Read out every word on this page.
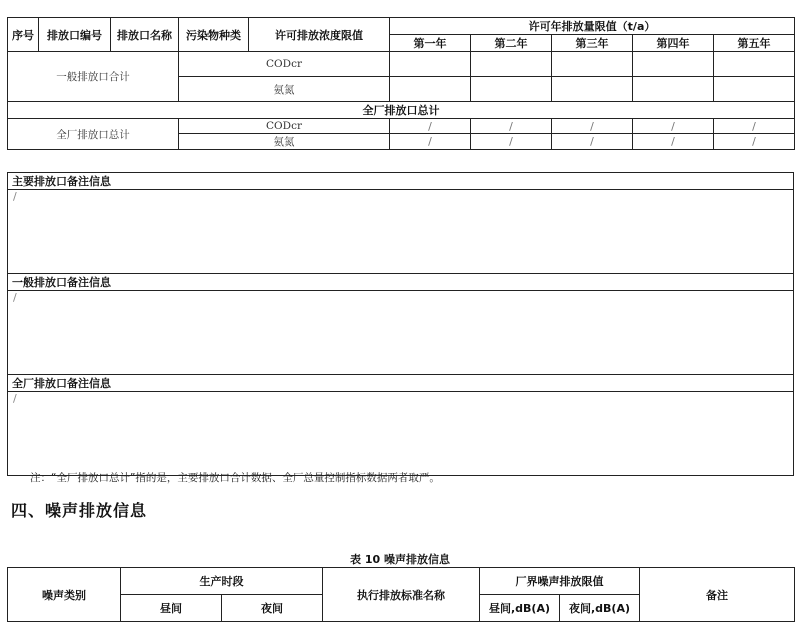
序号	排放口编号	排放口名称	污染物种类	许可排放浓度限值	许可年排放量限值（t/a）				
					第一年	第二年	第三年	第四年	第五年
一般排放口合计			CODcr						
			氨氮						
全厂排放口总计									
全厂排放口总计			CODcr		/	/	/	/	/
			氨氮		/	/	/	/	/
主要排放口备注信息
/
一般排放口备注信息
/
全厂排放口备注信息
/
注：“全厂排放口总计”指的是，主要排放口合计数据、全厂总量控制指标数据两者取严。
四、噪声排放信息
表 10 噪声排放信息
噪声类别	生产时段		执行排放标准名称	厂界噪声排放限值		备注
	昼间	夜间		昼间,dB(A)	夜间,dB(A)	
